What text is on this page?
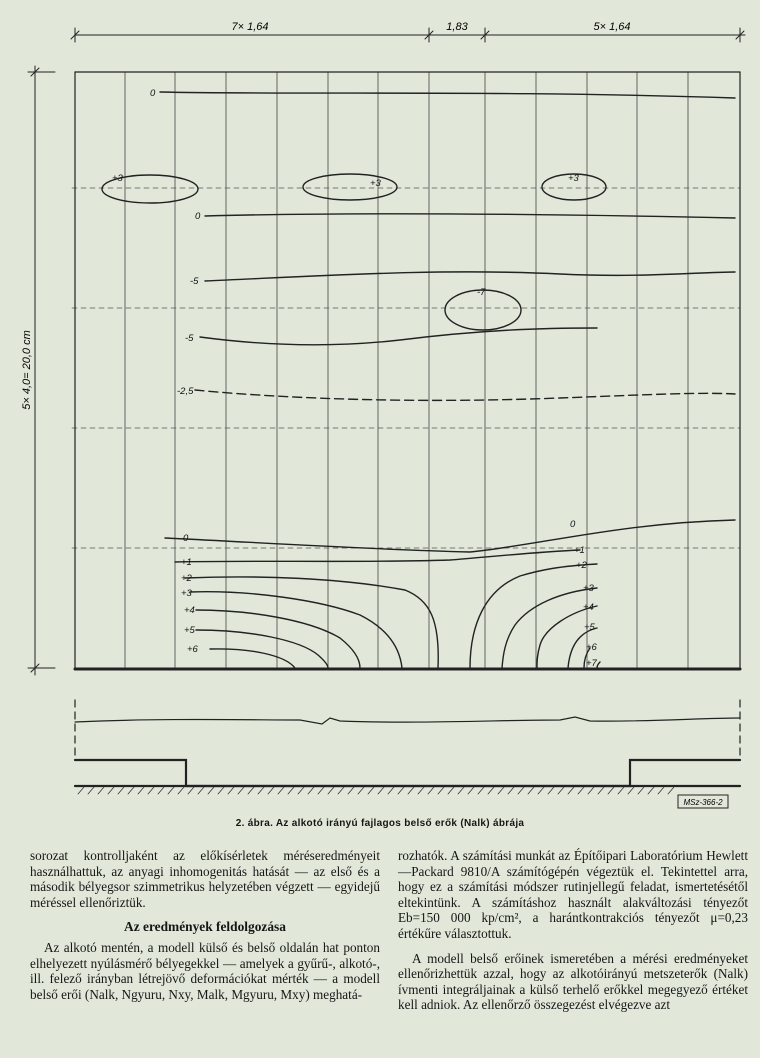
7× 1,64	1,83	5× 1,64
5× 4,0= 20,0 cm
MSz-366-2
0
+3	+3	+3
0
-5
-7
-5
-2,5
0
0
+1
+2
+3
+4
+5
+6
+1
+2
+3
+4
+5
+6
+7
2. ábra. Az alkotó irányú fajlagos belső erők (Nalk) ábrája

sorozat kontrolljaként az előkísérletek méréseredményeit használhattuk, az anyagi inhomogenitás hatását — az első és a második bélyegsor szimmetrikus helyzetében végzett — egyidejű méréssel ellenőriztük.

Az eredmények feldolgozása

Az alkotó mentén, a modell külső és belső oldalán hat ponton elhelyezett nyúlásmérő bélyegekkel — amelyek a gyűrű-, alkotó-, ill. felező irányban létrejövő deformációkat mérték — a modell belső erői (Nalk, Ngyuru, Nxy, Malk, Mgyuru, Mxy) meghatá-

rozhatók. A számítási munkát az Építőipari Laboratórium Hewlett—Packard 9810/A számítógépén végeztük el. Tekintettel arra, hogy ez a számítási módszer rutinjellegű feladat, ismertetésétől eltekintünk. A számításhoz használt alakváltozási tényezőt Eb=150 000 kp/cm², a harántkontrakciós tényezőt μ=0,23 értékűre választottuk.

A modell belső erőinek ismeretében a mérési eredményeket ellenőrizhettük azzal, hogy az alkotóirányú metszeterők (Nalk) ívmenti integráljainak a külső terhelő erőkkel megegyező értéket kell adniok. Az ellenőrző összegezést elvégezve azt
